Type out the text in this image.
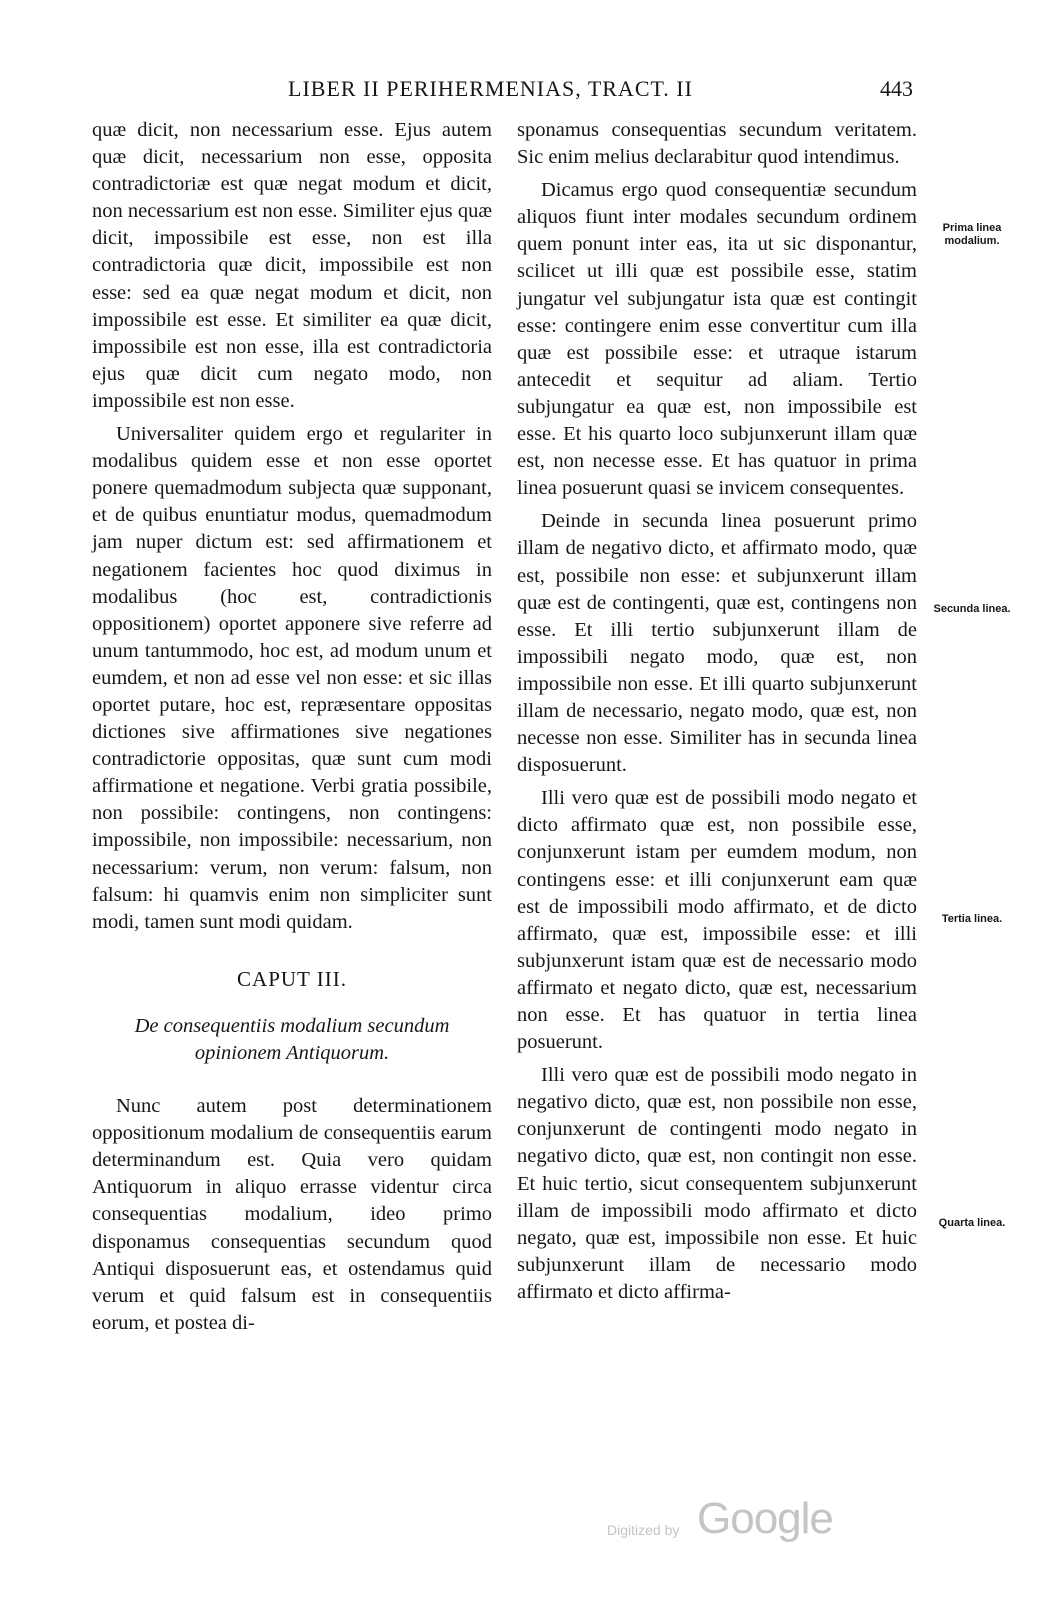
LIBER II PERIHERMENIAS, TRACT. II	443

quæ dicit, non necessarium esse. Ejus autem quæ dicit, necessarium non esse, opposita contradictoriæ est quæ negat modum et dicit, non necessarium est non esse. Similiter ejus quæ dicit, impossibile est esse, non est illa contradictoria quæ dicit, impossibile est non esse: sed ea quæ negat modum et dicit, non impossibile est esse. Et similiter ea quæ dicit, impossibile est non esse, illa est contradictoria ejus quæ dicit cum negato modo, non impossibile est non esse.

Universaliter quidem ergo et regulariter in modalibus quidem esse et non esse oportet ponere quemadmodum subjecta quæ supponant, et de quibus enuntiatur modus, quemadmodum jam nuper dictum est: sed affirmationem et negationem facientes hoc quod diximus in modalibus (hoc est, contradictionis oppositionem) oportet apponere sive referre ad unum tantummodo, hoc est, ad modum unum et eumdem, et non ad esse vel non esse: et sic illas oportet putare, hoc est, repræsentare oppositas dictiones sive affirmationes sive negationes contradictorie oppositas, quæ sunt cum modi affirmatione et negatione. Verbi gratia possibile, non possibile: contingens, non contingens: impossibile, non impossibile: necessarium, non necessarium: verum, non verum: falsum, non falsum: hi quamvis enim non simpliciter sunt modi, tamen sunt modi quidam.

CAPUT III.
De consequentiis modalium secundum opinionem Antiquorum.

Nunc autem post determinationem oppositionum modalium de consequentiis earum determinandum est. Quia vero quidam Antiquorum in aliquo errasse videntur circa consequentias modalium, ideo primo disponamus consequentias secundum quod Antiqui disposuerunt eas, et ostendamus quid verum et quid falsum est in consequentiis eorum, et postea di-

sponamus consequentias secundum veritatem. Sic enim melius declarabitur quod intendimus.

Dicamus ergo quod consequentiæ secundum aliquos fiunt inter modales secundum ordinem quem ponunt inter eas, ita ut sic disponantur, scilicet ut illi quæ est possibile esse, statim jungatur vel subjungatur ista quæ est contingit esse: contingere enim esse convertitur cum illa quæ est possibile esse: et utraque istarum antecedit et sequitur ad aliam. Tertio subjungatur ea quæ est, non impossibile est esse. Et his quarto loco subjunxerunt illam quæ est, non necesse esse. Et has quatuor in prima linea posuerunt quasi se invicem consequentes.

Deinde in secunda linea posuerunt primo illam de negativo dicto, et affirmato modo, quæ est, possibile non esse: et subjunxerunt illam quæ est de contingenti, quæ est, contingens non esse. Et illi tertio subjunxerunt illam de impossibili negato modo, quæ est, non impossibile non esse. Et illi quarto subjunxerunt illam de necessario, negato modo, quæ est, non necesse non esse. Similiter has in secunda linea disposuerunt.

Illi vero quæ est de possibili modo negato et dicto affirmato quæ est, non possibile esse, conjunxerunt istam per eumdem modum, non contingens esse: et illi conjunxerunt eam quæ est de impossibili modo affirmato, et de dicto affirmato, quæ est, impossibile esse: et illi subjunxerunt istam quæ est de necessario modo affirmato et negato dicto, quæ est, necessarium non esse. Et has quatuor in tertia linea posuerunt.

Illi vero quæ est de possibili modo negato in negativo dicto, quæ est, non possibile non esse, conjunxerunt de contingenti modo negato in negativo dicto, quæ est, non contingit non esse. Et huic tertio, sicut consequentem subjunxerunt illam de impossibili modo affirmato et dicto negato, quæ est, impossibile non esse. Et huic subjunxerunt illam de necessario modo affirmato et dicto affirma-

Prima linea modalium.
Secunda linea.
Tertia linea.
Quarta linea.
Digitized by Google
